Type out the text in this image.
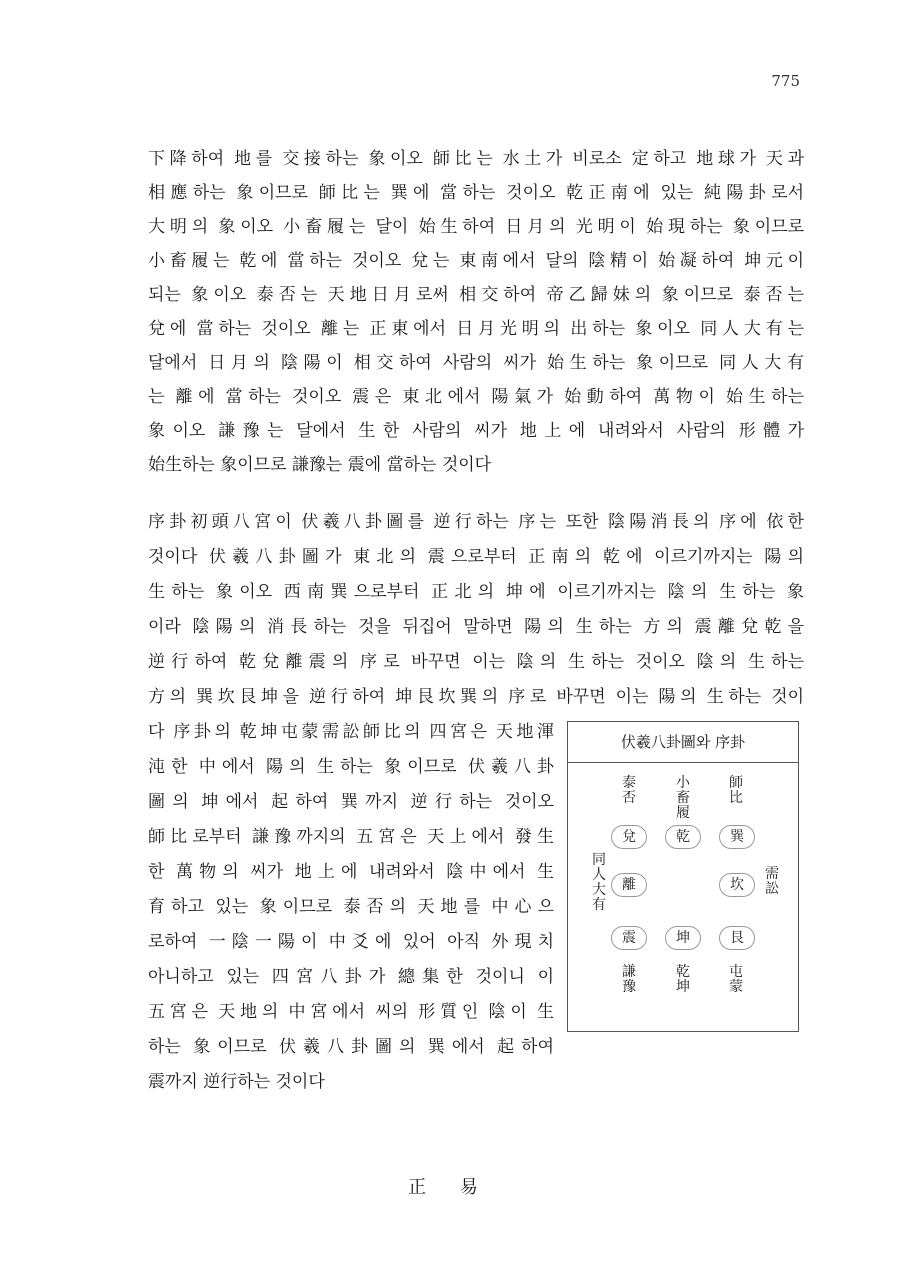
775
下降하여 地를 交接하는 象이오 師比는 水土가 비로소 定하고 地球가 天과
相應하는 象이므로 師比는 巽에 當하는 것이오 乾正南에 있는 純陽卦로서
大明의 象이오 小畜履는 달이 始生하여 日月의 光明이 始現하는 象이므로
小畜履는 乾에 當하는 것이오 兌는 東南에서 달의 陰精이 始凝하여 坤元이
되는 象이오 泰否는 天地日月로써 相交하여 帝乙歸妹의 象이므로 泰否는
兌에 當하는 것이오 離는 正東에서 日月光明의 出하는 象이오 同人大有는
달에서 日月의 陰陽이 相交하여 사람의 씨가 始生하는 象이므로 同人大有
는 離에 當하는 것이오 震은 東北에서 陽氣가 始動하여 萬物이 始生하는
象이오 謙豫는 달에서 生한 사람의 씨가 地上에 내려와서 사람의 形體가
始生하는 象이므로 謙豫는 震에 當하는 것이다
序卦初頭八宮이 伏羲八卦圖를 逆行하는 序는 또한 陰陽消長의 序에 依한
것이다 伏羲八卦圖가 東北의 震으로부터 正南의 乾에 이르기까지는 陽의
生하는 象이오 西南巽으로부터 正北의 坤에 이르기까지는 陰의 生하는 象
이라 陰陽의 消長하는 것을 뒤집어 말하면 陽의 生하는 方의 震離兌乾을
逆行하여 乾兌離震의 序로 바꾸면 이는 陰의 生하는 것이오 陰의 生하는
方의 巽坎艮坤을 逆行하여 坤艮坎巽의 序로 바꾸면 이는 陽의 生하는 것이
다 序卦의 乾坤屯蒙需訟師比의 四宮은 天地渾
沌한 中에서 陽의 生하는 象이므로 伏羲八卦
圖의 坤에서 起하여 巽까지 逆行하는 것이오
師比로부터 謙豫까지의 五宮은 天上에서 發生
한 萬物의 씨가 地上에 내려와서 陰中에서 生
育하고 있는 象이므로 泰否의 天地를 中心으
로하여 一陰一陽이 中爻에 있어 아직 外現치
아니하고 있는 四宮八卦가 總集한 것이니 이
五宮은 天地의 中宮에서 씨의 形質인 陰이 生
하는 象이므로 伏羲八卦圖의 巽에서 起하여
震까지 逆行하는 것이다
伏羲八卦圖와 序卦
泰否
小畜履
師比
兌	乾	巽
同人大有
需訟
離	坎
震	坤	艮
謙豫
乾坤
屯蒙
正 易
